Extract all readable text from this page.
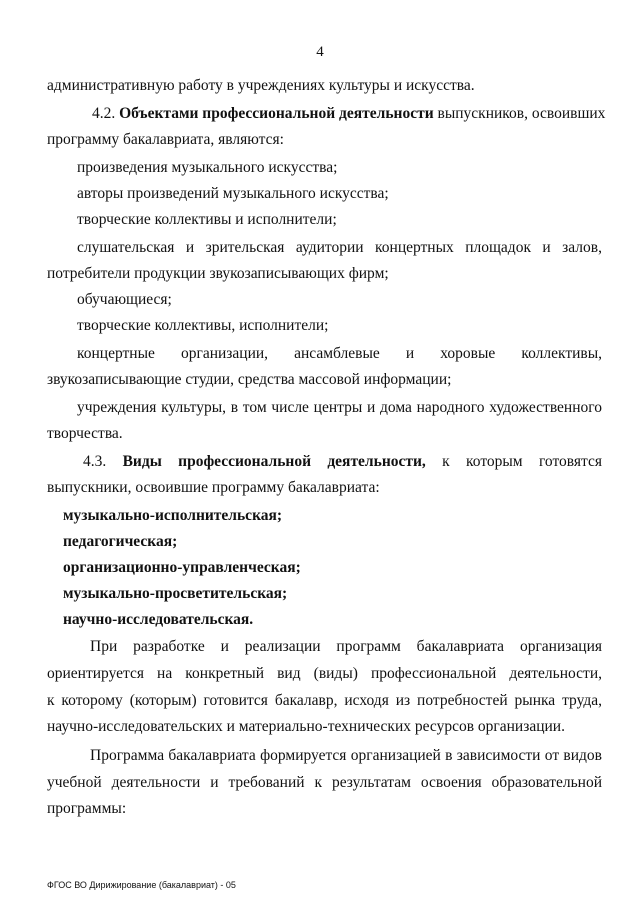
4
административную работу в учреждениях культуры и искусства.
4.2. Объектами профессиональной деятельности выпускников, освоивших
программу бакалавриата, являются:
произведения музыкального искусства;
авторы произведений музыкального искусства;
творческие коллективы и исполнители;
слушательская и зрительская аудитории концертных площадок и залов,
потребители продукции звукозаписывающих фирм;
обучающиеся;
творческие коллективы, исполнители;
концертные организации, ансамблевые и хоровые коллективы,
звукозаписывающие студии, средства массовой информации;
учреждения культуры, в том числе центры и дома народного художественного
творчества.
4.3. Виды профессиональной деятельности, к которым готовятся
выпускники, освоившие программу бакалавриата:
музыкально-исполнительская;
педагогическая;
организационно-управленческая;
музыкально-просветительская;
научно-исследовательская.
При разработке и реализации программ бакалавриата организация
ориентируется на конкретный вид (виды) профессиональной деятельности,
к которому (которым) готовится бакалавр, исходя из потребностей рынка труда,
научно-исследовательских и материально-технических ресурсов организации.
Программа бакалавриата формируется организацией в зависимости от видов
учебной деятельности и требований к результатам освоения образовательной
программы:
ФГОС ВО Дирижирование (бакалавриат) - 05
